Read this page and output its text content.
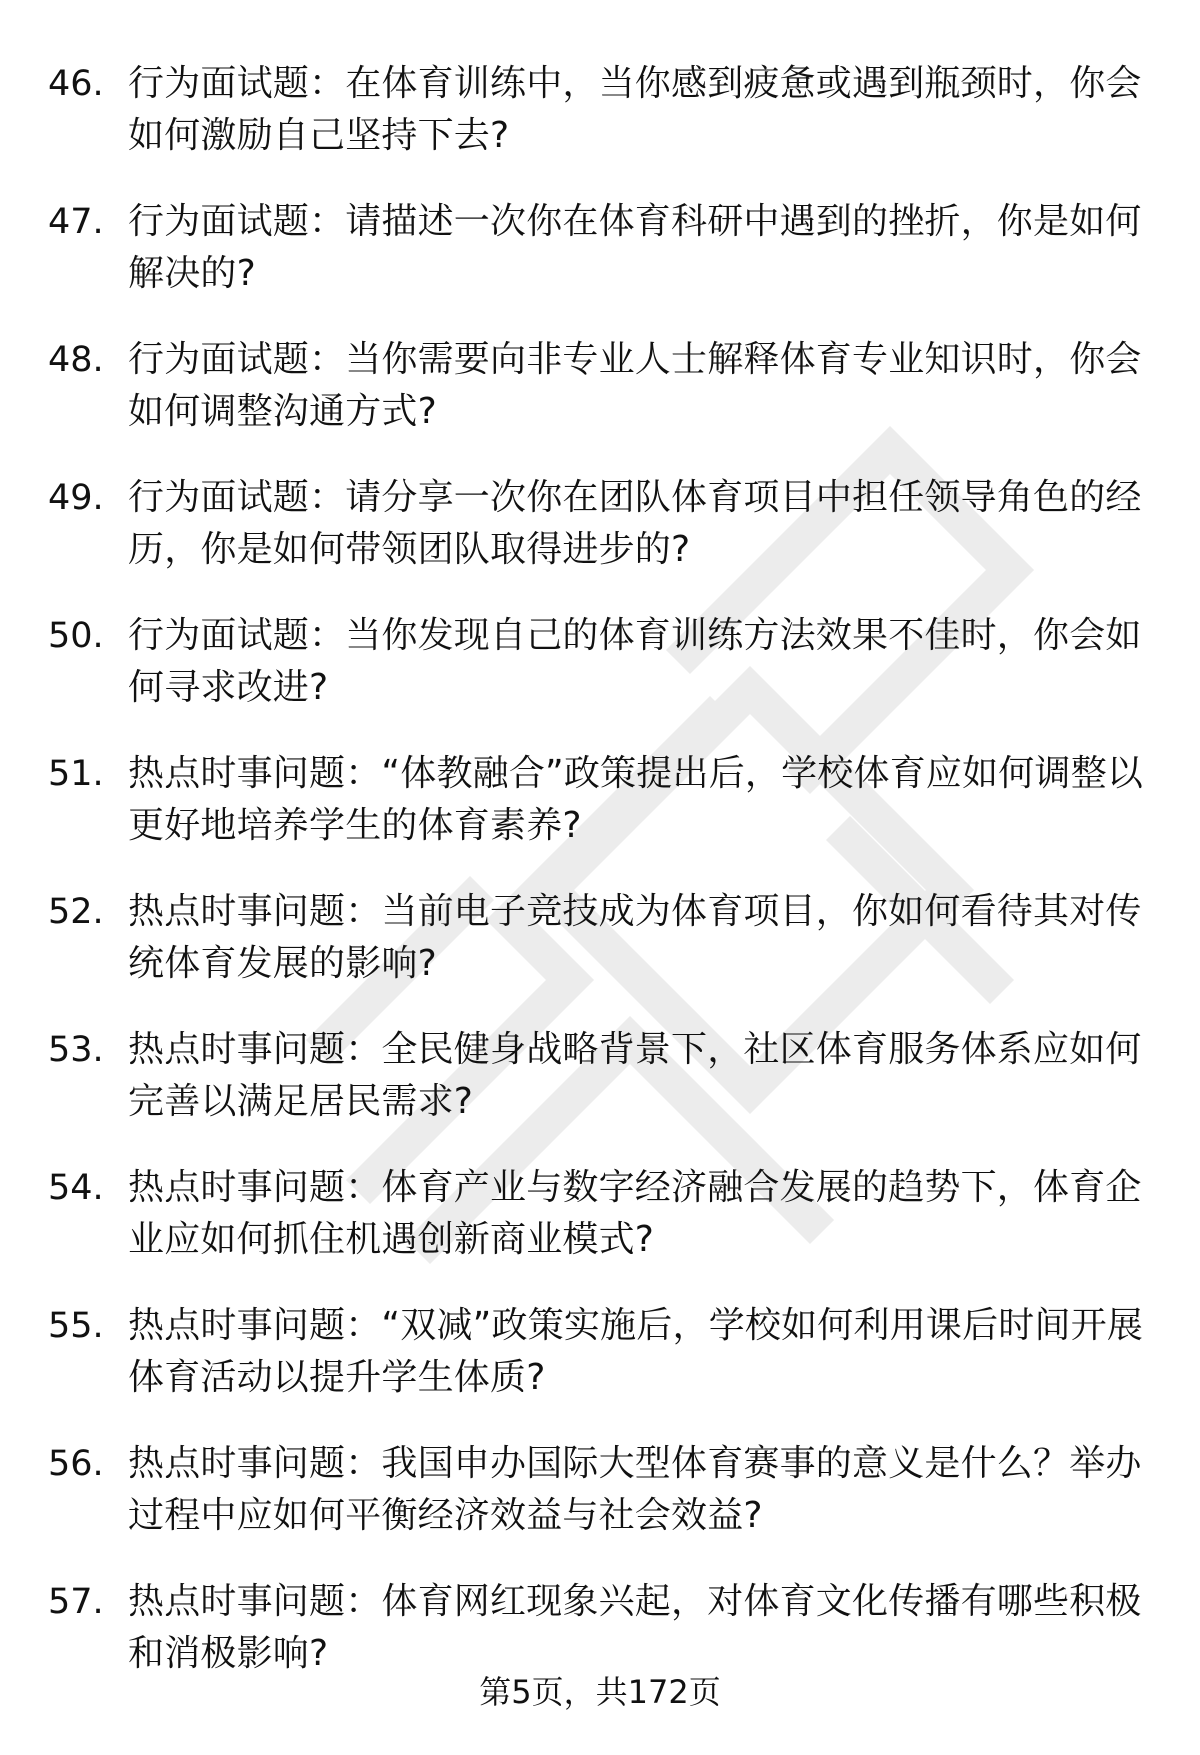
46. 行为面试题：在体育训练中，当你感到疲惫或遇到瓶颈时，你会如何激励自己坚持下去?
47. 行为面试题：请描述一次你在体育科研中遇到的挫折，你是如何解决的?
48. 行为面试题：当你需要向非专业人士解释体育专业知识时，你会如何调整沟通方式?
49. 行为面试题：请分享一次你在团队体育项目中担任领导角色的经历，你是如何带领团队取得进步的?
50. 行为面试题：当你发现自己的体育训练方法效果不佳时，你会如何寻求改进?
51. 热点时事问题：“体教融合”政策提出后，学校体育应如何调整以更好地培养学生的体育素养?
52. 热点时事问题：当前电子竞技成为体育项目，你如何看待其对传统体育发展的影响?
53. 热点时事问题：全民健身战略背景下，社区体育服务体系应如何完善以满足居民需求?
54. 热点时事问题：体育产业与数字经济融合发展的趋势下，体育企业应如何抓住机遇创新商业模式?
55. 热点时事问题：“双减”政策实施后，学校如何利用课后时间开展体育活动以提升学生体质?
56. 热点时事问题：我国申办国际大型体育赛事的意义是什么？举办过程中应如何平衡经济效益与社会效益?
57. 热点时事问题：体育网红现象兴起，对体育文化传播有哪些积极和消极影响?
第5页，共172页
